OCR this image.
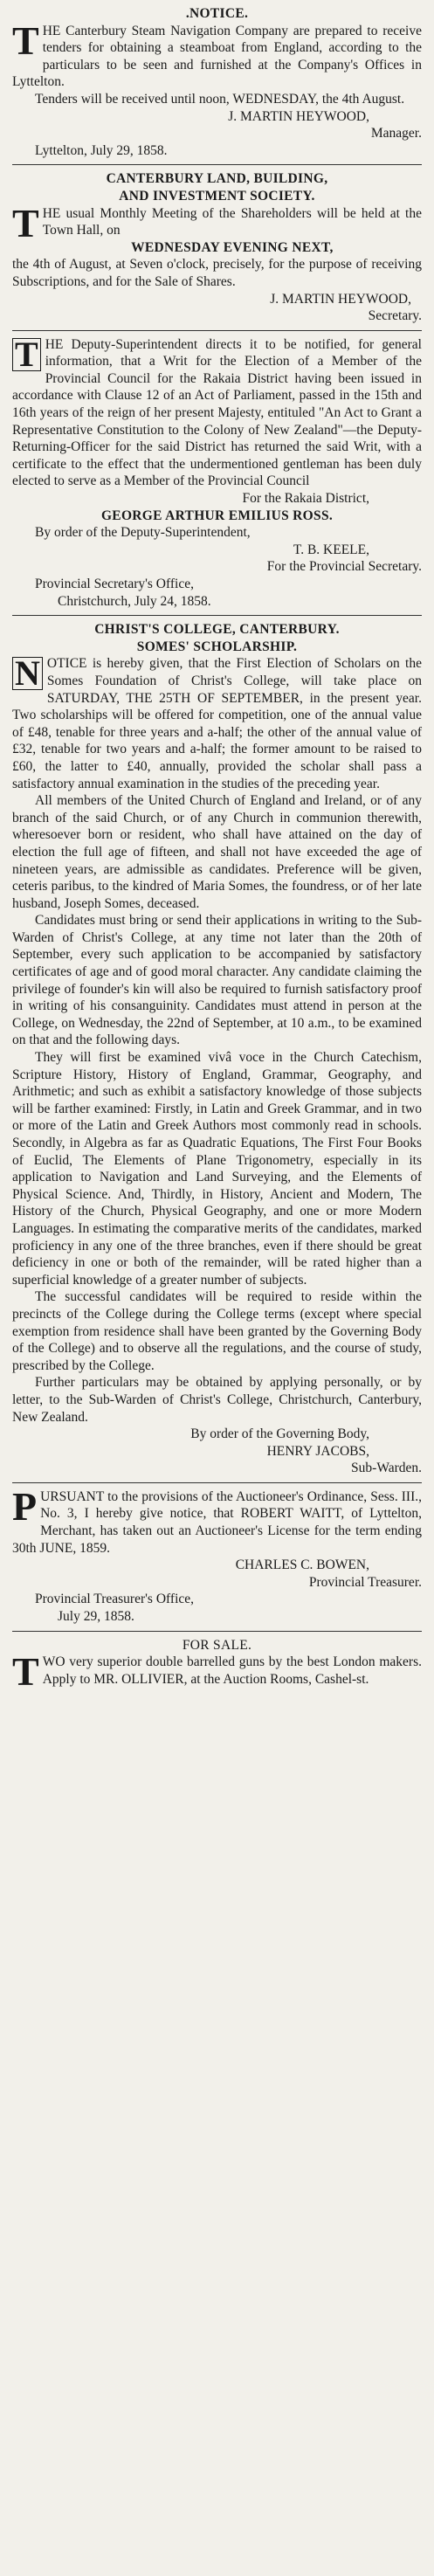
.NOTICE.
THE Canterbury Steam Navigation Company are prepared to receive tenders for obtaining a steamboat from England, according to the particulars to be seen and furnished at the Company's Offices in Lyttelton.
Tenders will be received until noon, WEDNESDAY, the 4th August.
J. MARTIN HEYWOOD,
Manager.
Lyttelton, July 29, 1858.
CANTERBURY LAND, BUILDING,
AND INVESTMENT SOCIETY.
THE usual Monthly Meeting of the Shareholders will be held at the Town Hall, on
WEDNESDAY EVENING NEXT,
the 4th of August, at Seven o'clock, precisely, for the purpose of receiving Subscriptions, and for the Sale of Shares.
J. MARTIN HEYWOOD,
Secretary.
T HE Deputy-Superintendent directs it to be notified, for general information, that a Writ for the Election of a Member of the Provincial Council for the Rakaia District having been issued in accordance with Clause 12 of an Act of Parliament, passed in the 15th and 16th years of the reign of her present Majesty, entituled "An Act to Grant a Representative Constitution to the Colony of New Zealand"—the Deputy-Returning-Officer for the said District has returned the said Writ, with a certificate to the effect that the undermentioned gentleman has been duly elected to serve as a Member of the Provincial Council
For the Rakaia District,
GEORGE ARTHUR EMILIUS ROSS.
By order of the Deputy-Superintendent,
T. B. KEELE,
For the Provincial Secretary.
Provincial Secretary's Office,
Christchurch, July 24, 1858.
CHRIST'S COLLEGE, CANTERBURY.
SOMES' SCHOLARSHIP.
N OTICE is hereby given, that the First Election of Scholars on the Somes Foundation of Christ's College, will take place on SATURDAY, THE 25TH OF SEPTEMBER, in the present year. Two scholarships will be offered for competition, one of the annual value of £48, tenable for three years and a-half; the other of the annual value of £32, tenable for two years and a-half; the former amount to be raised to £60, the latter to £40, annually, provided the scholar shall pass a satisfactory annual examination in the studies of the preceding year.
All members of the United Church of England and Ireland, or of any branch of the said Church, or of any Church in communion therewith, wheresoever born or resident, who shall have attained on the day of election the full age of fifteen, and shall not have exceeded the age of nineteen years, are admissible as candidates. Preference will be given, ceteris paribus, to the kindred of Maria Somes, the foundress, or of her late husband, Joseph Somes, deceased.
Candidates must bring or send their applications in writing to the Sub-Warden of Christ's College, at any time not later than the 20th of September, every such application to be accompanied by satisfactory certificates of age and of good moral character. Any candidate claiming the privilege of founder's kin will also be required to furnish satisfactory proof in writing of his consanguinity. Candidates must attend in person at the College, on Wednesday, the 22nd of September, at 10 a.m., to be examined on that and the following days.
They will first be examined vivâ voce in the Church Catechism, Scripture History, History of England, Grammar, Geography, and Arithmetic; and such as exhibit a satisfactory knowledge of those subjects will be farther examined: Firstly, in Latin and Greek Grammar, and in two or more of the Latin and Greek Authors most commonly read in schools. Secondly, in Algebra as far as Quadratic Equations, The First Four Books of Euclid, The Elements of Plane Trigonometry, especially in its application to Navigation and Land Surveying, and the Elements of Physical Science. And, Thirdly, in History, Ancient and Modern, The History of the Church, Physical Geography, and one or more Modern Languages. In estimating the comparative merits of the candidates, marked proficiency in any one of the three branches, even if there should be great deficiency in one or both of the remainder, will be rated higher than a superficial knowledge of a greater number of subjects.
The successful candidates will be required to reside within the precincts of the College during the College terms (except where special exemption from residence shall have been granted by the Governing Body of the College) and to observe all the regulations, and the course of study, prescribed by the College.
Further particulars may be obtained by applying personally, or by letter, to the Sub-Warden of Christ's College, Christchurch, Canterbury, New Zealand.
By order of the Governing Body,
HENRY JACOBS,
Sub-Warden.
PURSUANT to the provisions of the Auctioneer's Ordinance, Sess. III., No. 3, I hereby give notice, that ROBERT WAITT, of Lyttelton, Merchant, has taken out an Auctioneer's License for the term ending 30th JUNE, 1859.
CHARLES C. BOWEN,
Provincial Treasurer.
Provincial Treasurer's Office,
July 29, 1858.
FOR SALE.
TWO very superior double barrelled guns by the best London makers. Apply to MR. OLLIVIER, at the Auction Rooms, Cashel-st.
